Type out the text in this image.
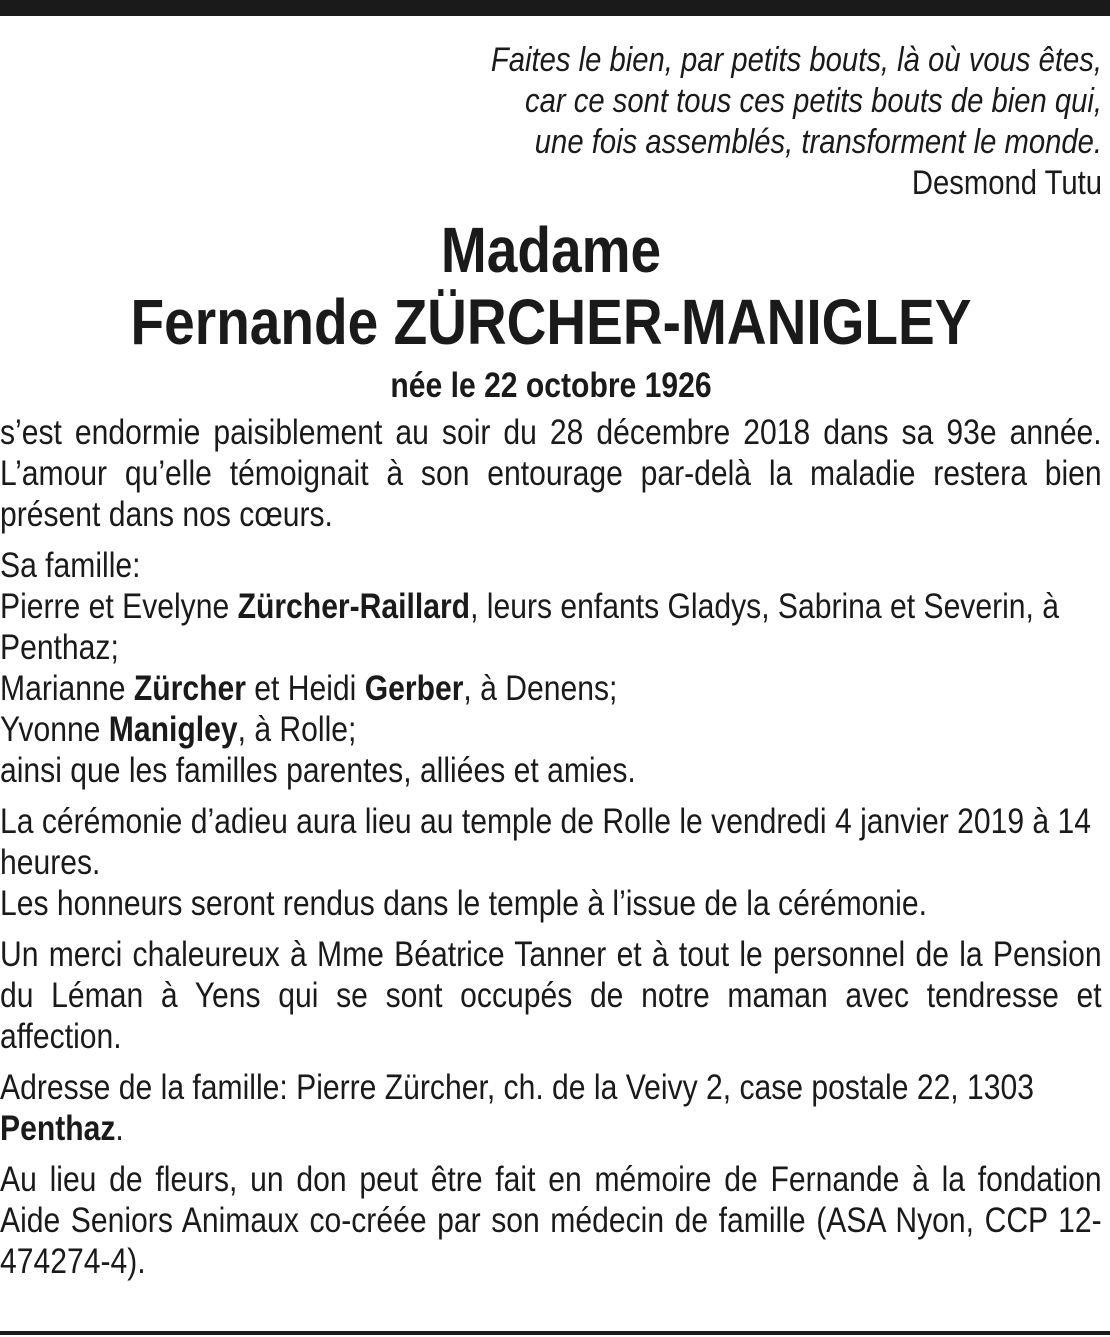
Faites le bien, par petits bouts, là où vous êtes,
car ce sont tous ces petits bouts de bien qui,
une fois assemblés, transforment le monde.
Desmond Tutu
Madame
Fernande ZÜRCHER-MANIGLEY
née le 22 octobre 1926

s’est endormie paisiblement au soir du 28 décembre 2018 dans sa 93e année. L’amour qu’elle témoignait à son entourage par-delà la maladie restera bien présent dans nos cœurs.

Sa famille:
Pierre et Evelyne Zürcher-Raillard, leurs enfants Gladys, Sabrina et Severin, à Penthaz;
Marianne Zürcher et Heidi Gerber, à Denens;
Yvonne Manigley, à Rolle;
ainsi que les familles parentes, alliées et amies.
La cérémonie d’adieu aura lieu au temple de Rolle le vendredi 4 janvier 2019 à 14 heures.
Les honneurs seront rendus dans le temple à l’issue de la cérémonie.

Un merci chaleureux à Mme Béatrice Tanner et à tout le personnel de la Pension du Léman à Yens qui se sont occupés de notre maman avec tendresse et affection.

Adresse de la famille: Pierre Zürcher, ch. de la Veivy 2, case postale 22, 1303 Penthaz.

Au lieu de fleurs, un don peut être fait en mémoire de Fernande à la fondation Aide Seniors Animaux co-créée par son médecin de famille (ASA Nyon, CCP 12-474274-4).
